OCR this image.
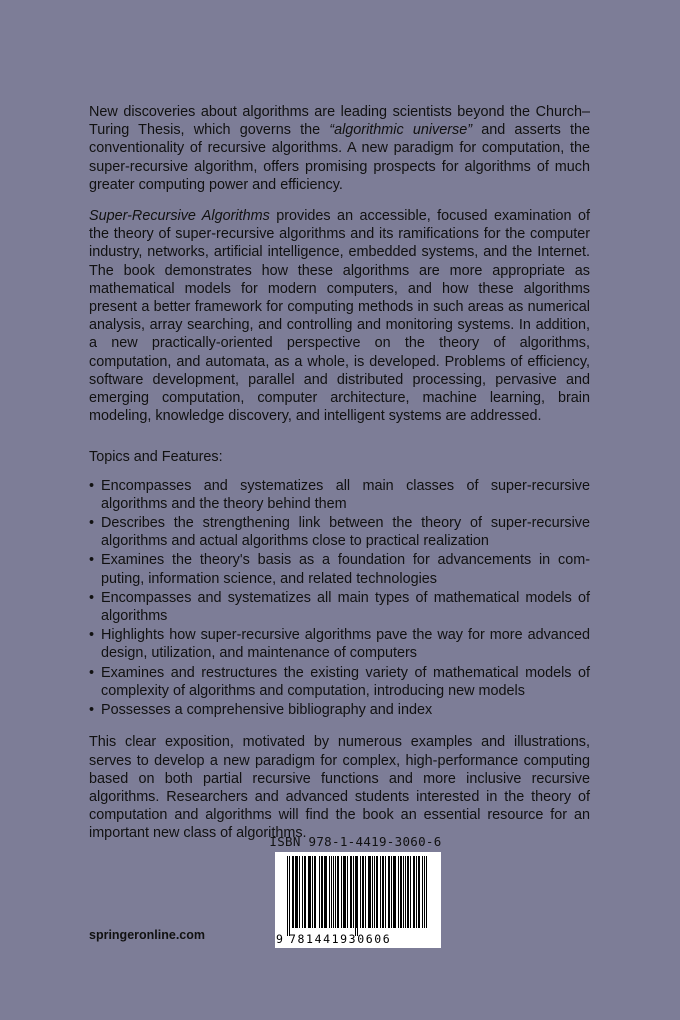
New discoveries about algorithms are leading scientists beyond the Church–Turing Thesis, which governs the “algorithmic universe” and asserts the conventionality of recursive algorithms. A new paradigm for computation, the super-recursive algorithm, offers promising prospects for algorithms of much greater computing power and efficiency.

Super-Recursive Algorithms provides an accessible, focused examination of the theory of super-recursive algorithms and its ramifications for the computer industry, networks, artificial intelligence, embedded systems, and the Internet. The book demonstrates how these algorithms are more appropriate as mathematical models for modern computers, and how these algorithms present a better framework for computing methods in such areas as numerical analysis, array searching, and controlling and monitoring systems. In addition, a new practically-oriented perspective on the theory of algorithms, computation, and automata, as a whole, is developed. Problems of efficiency, software development, parallel and distributed processing, pervasive and emerging computation, computer architecture, machine learning, brain modeling, knowledge discovery, and intelligent systems are addressed.

Topics and Features:

• Encompasses and systematizes all main classes of super-recursive algorithms and the theory behind them
• Describes the strengthening link between the theory of super-recursive algorithms and actual algorithms close to practical realization
• Examines the theory's basis as a foundation for advancements in computing, information science, and related technologies
• Encompasses and systematizes all main types of mathematical models of algorithms
• Highlights how super-recursive algorithms pave the way for more advanced design, utilization, and maintenance of computers
• Examines and restructures the existing variety of mathematical models of complexity of algorithms and computation, introducing new models
• Possesses a comprehensive bibliography and index

This clear exposition, motivated by numerous examples and illustrations, serves to develop a new paradigm for complex, high-performance computing based on both partial recursive functions and more inclusive recursive algorithms. Researchers and advanced students interested in the theory of computation and algorithms will find the book an essential resource for an important new class of algorithms.

ISBN 978-1-4419-3060-6
9 781441930606
springeronline.com
